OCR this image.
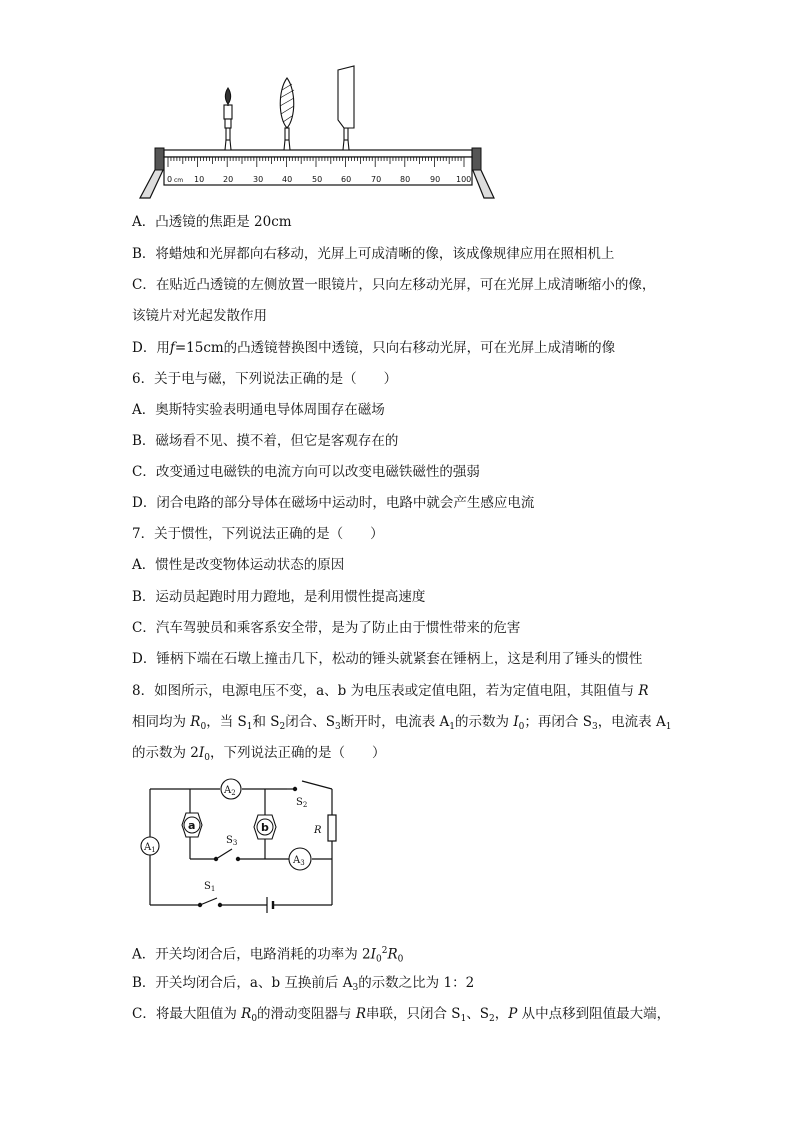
cm
0	10 20 30 40 50 60 70 80 90 100
A．凸透镜的焦距是 20cm
B．将蜡烛和光屏都向右移动，光屏上可成清晰的像，该成像规律应用在照相机上
C．在贴近凸透镜的左侧放置一眼镜片，只向左移动光屏，可在光屏上成清晰缩小的像，
该镜片对光起发散作用
D．用f=15cm的凸透镜替换图中透镜，只向右移动光屏，可在光屏上成清晰的像
6．关于电与磁，下列说法正确的是（　　）
A．奥斯特实验表明通电导体周围存在磁场
B．磁场看不见、摸不着，但它是客观存在的
C．改变通过电磁铁的电流方向可以改变电磁铁磁性的强弱
D．闭合电路的部分导体在磁场中运动时，电路中就会产生感应电流
7．关于惯性，下列说法正确的是（　　）
A．惯性是改变物体运动状态的原因
B．运动员起跑时用力蹬地，是利用惯性提高速度
C．汽车驾驶员和乘客系安全带，是为了防止由于惯性带来的危害
D．锤柄下端在石墩上撞击几下，松动的锤头就紧套在锤柄上，这是利用了锤头的惯性
8．如图所示，电源电压不变，a、b 为电压表或定值电阻，若为定值电阻，其阻值与 R
相同均为 $R_0$，当 $S_1$和 $S_2$闭合、$S_3$断开时，电流表 $A_1$的示数为 $I_0$；再闭合 $S_3$，电流表 $A_1$
的示数为 $2I_0$，下列说法正确的是（　　）
$A_1$
$A_2$
$A_3$
a	b	R
$S_1$
$S_2$
$S_3$
A．开关均闭合后，电路消耗的功率为 $2I_0^2R_0$
B．开关均闭合后，a、b 互换前后 $A_3$的示数之比为 1：2
C．将最大阻值为 $R_0$的滑动变阻器与 R串联，只闭合 $S_1$、$S_2$，P 从中点移到阻值最大端，
